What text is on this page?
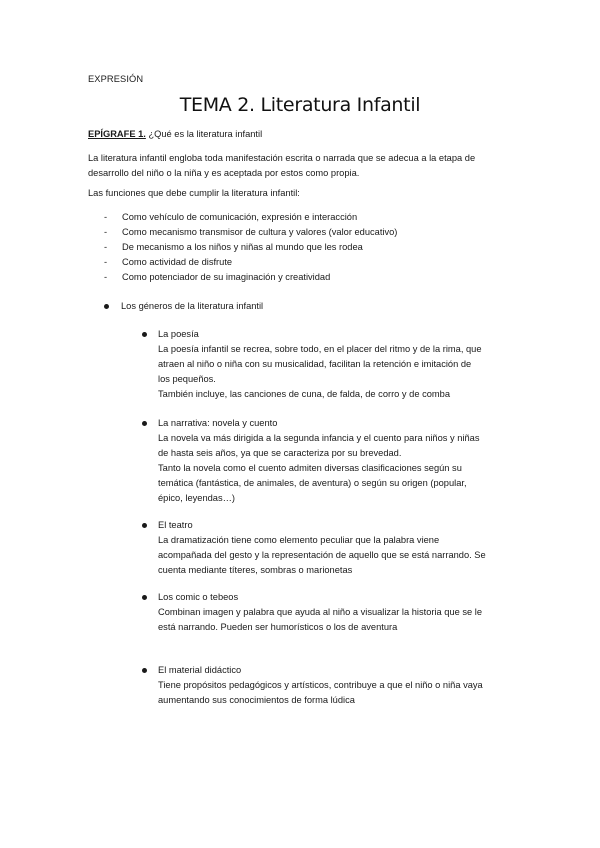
EXPRESIÓN
TEMA 2. Literatura Infantil
EPÍGRAFE 1. ¿Qué es la literatura infantil
La literatura infantil engloba toda manifestación escrita o narrada que se adecua a la etapa de
desarrollo del niño o la niña y es aceptada por estos como propia.
Las funciones que debe cumplir la literatura infantil:
- Como vehículo de comunicación, expresión e interacción
- Como mecanismo transmisor de cultura y valores (valor educativo)
- De mecanismo a los niños y niñas al mundo que les rodea
- Como actividad de disfrute
- Como potenciador de su imaginación y creatividad
Los géneros de la literatura infantil
La poesía

La poesía infantil se recrea, sobre todo, en el placer del ritmo y de la rima, que

atraen al niño o niña con su musicalidad, facilitan la retención e imitación de

los pequeños.

También incluye, las canciones de cuna, de falda, de corro y de comba

La narrativa: novela y cuento

La novela va más dirigida a la segunda infancia y el cuento para niños y niñas

de hasta seis años, ya que se caracteriza por su brevedad.

Tanto la novela como el cuento admiten diversas clasificaciones según su

temática (fantástica, de animales, de aventura) o según su origen (popular,

épico, leyendas…)

El teatro

La dramatización tiene como elemento peculiar que la palabra viene

acompañada del gesto y la representación de aquello que se está narrando. Se

cuenta mediante títeres, sombras o marionetas

Los comic o tebeos

Combinan imagen y palabra que ayuda al niño a visualizar la historia que se le

está narrando. Pueden ser humorísticos o los de aventura

El material didáctico

Tiene propósitos pedagógicos y artísticos, contribuye a que el niño o niña vaya

aumentando sus conocimientos de forma lúdica
